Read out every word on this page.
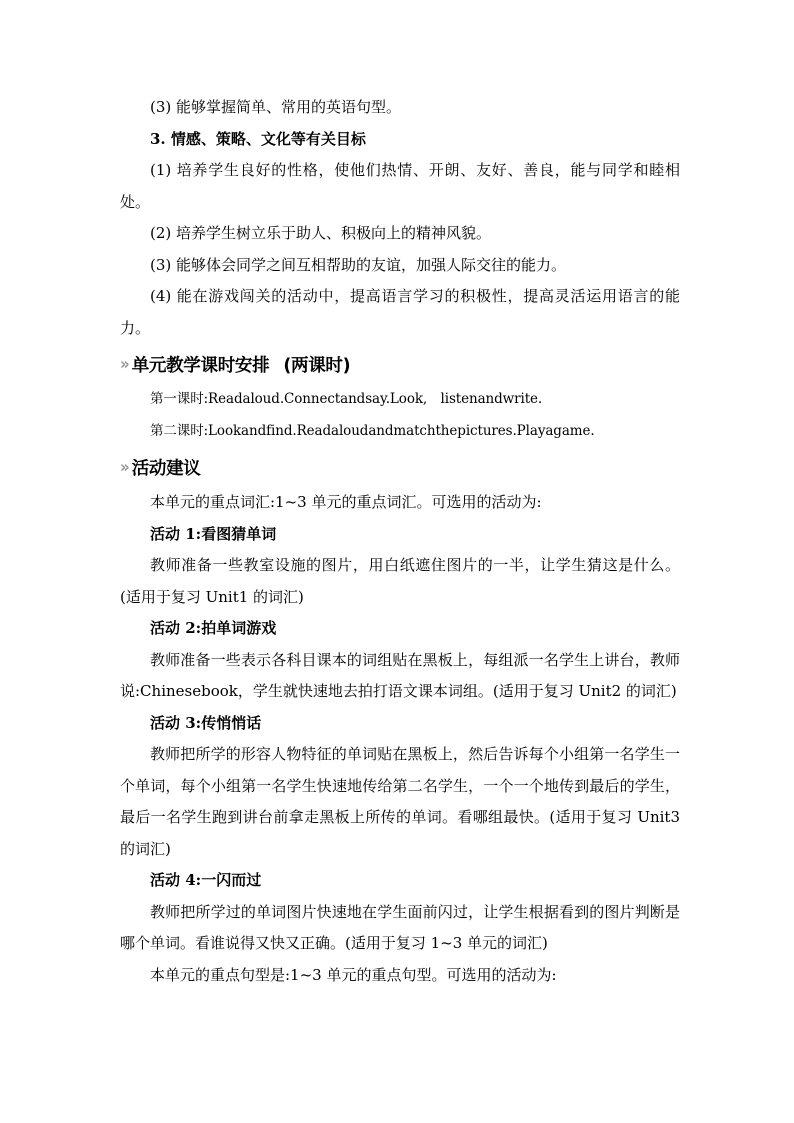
(3) 能够掌握简单、常用的英语句型。

3. 情感、策略、文化等有关目标

(1) 培养学生良好的性格，使他们热情、开朗、友好、善良，能与同学和睦相处。

(2) 培养学生树立乐于助人、积极向上的精神风貌。

(3) 能够体会同学之间互相帮助的友谊，加强人际交往的能力。

(4) 能在游戏闯关的活动中，提高语言学习的积极性，提高灵活运用语言的能力。

» 单元教学课时安排 (两课时)

第一课时:Readaloud.Connectandsay.Look,　listenandwrite.

第二课时:Lookandfind.Readaloudandmatchthepictures.Playagame.

» 活动建议

本单元的重点词汇:1~3 单元的重点词汇。可选用的活动为:

活动 1:看图猜单词

教师准备一些教室设施的图片，用白纸遮住图片的一半，让学生猜这是什么。(适用于复习 Unit1 的词汇)

活动 2:拍单词游戏

教师准备一些表示各科目课本的词组贴在黑板上，每组派一名学生上讲台，教师说:Chinesebook，学生就快速地去拍打语文课本词组。(适用于复习 Unit2 的词汇)

活动 3:传悄悄话

教师把所学的形容人物特征的单词贴在黑板上，然后告诉每个小组第一名学生一个单词，每个小组第一名学生快速地传给第二名学生，一个一个地传到最后的学生，最后一名学生跑到讲台前拿走黑板上所传的单词。看哪组最快。(适用于复习 Unit3 的词汇)

活动 4:一闪而过

教师把所学过的单词图片快速地在学生面前闪过，让学生根据看到的图片判断是哪个单词。看谁说得又快又正确。(适用于复习 1~3 单元的词汇)

本单元的重点句型是:1~3 单元的重点句型。可选用的活动为:
